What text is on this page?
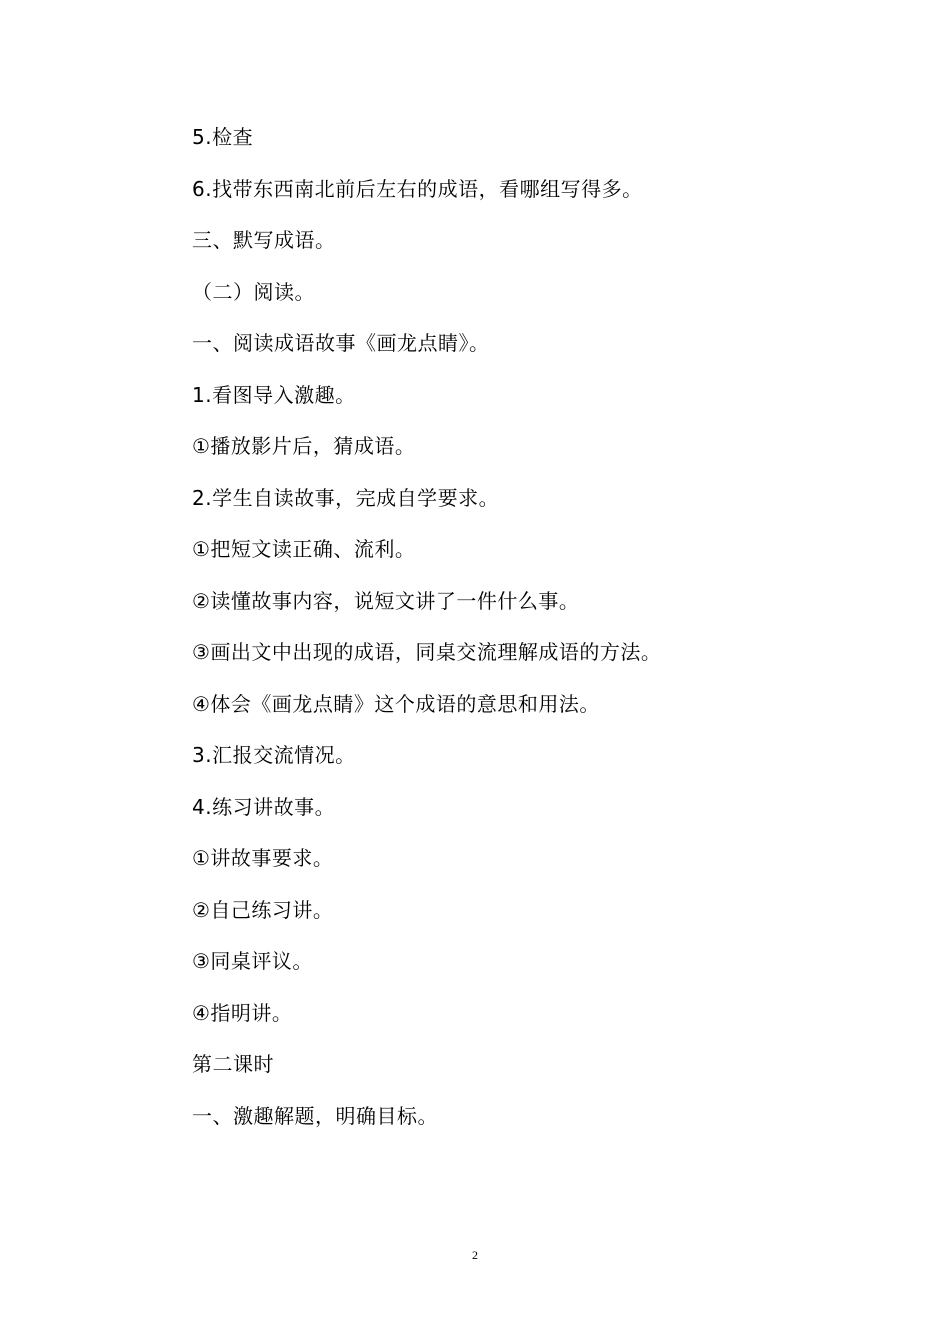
5.检查
6.找带东西南北前后左右的成语，看哪组写得多。
三、默写成语。
（二）阅读。
一、阅读成语故事《画龙点睛》。
1.看图导入激趣。
①播放影片后，猜成语。
2.学生自读故事，完成自学要求。
①把短文读正确、流利。
②读懂故事内容，说短文讲了一件什么事。
③画出文中出现的成语，同桌交流理解成语的方法。
④体会《画龙点睛》这个成语的意思和用法。
3.汇报交流情况。
4.练习讲故事。
①讲故事要求。
②自己练习讲。
③同桌评议。
④指明讲。
第二课时
一、激趣解题，明确目标。
2
